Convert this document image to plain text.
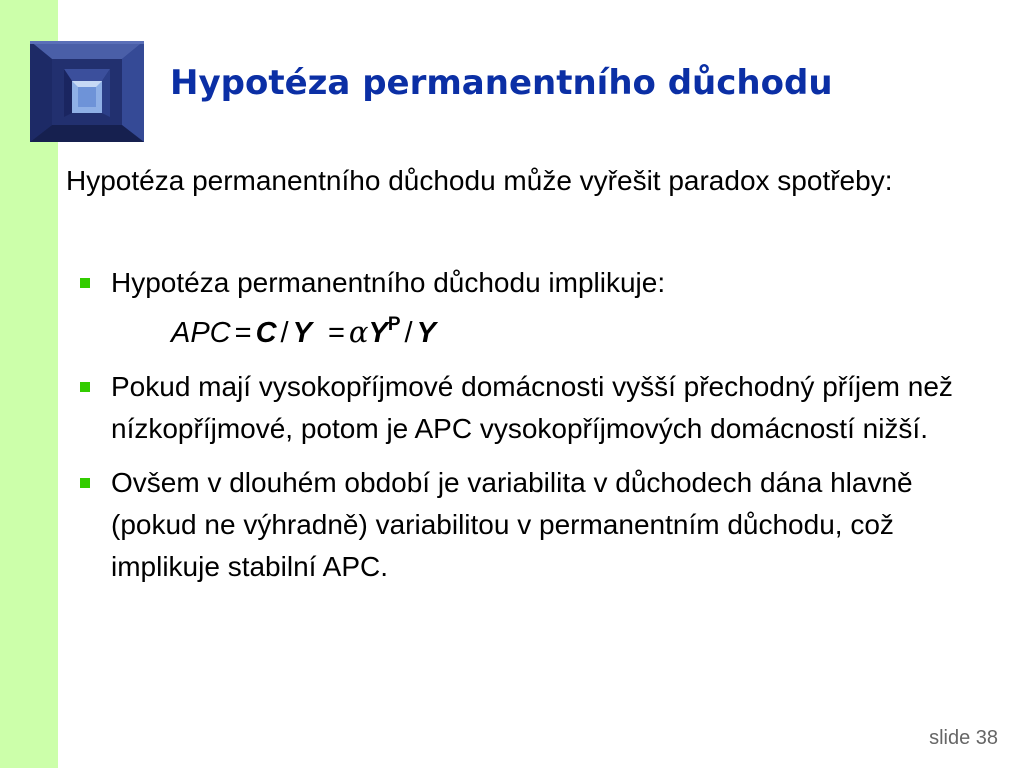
Hypotéza permanentního důchodu

Hypotéza permanentního důchodu může vyřešit paradox spotřeby:

Hypotéza permanentního důchodu implikuje:
APC = $C / Y = \alpha Y^P / Y$
Pokud mají vysokopříjmové domácnosti vyšší přechodný příjem než nízkopříjmové, potom je APC vysokopříjmových domácností nižší.
Ovšem v dlouhém období je variabilita v důchodech dána hlavně (pokud ne výhradně) variabilitou v permanentním důchodu, což implikuje stabilní APC.
slide 38
